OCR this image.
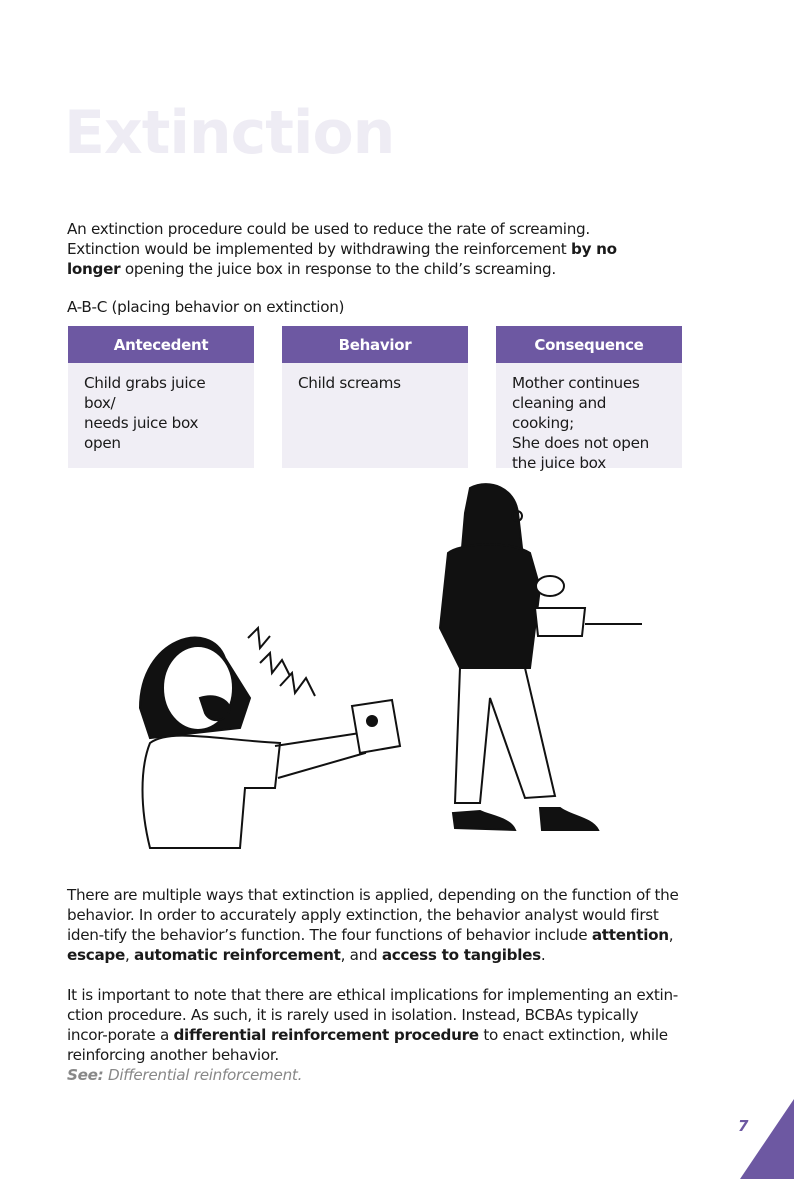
Extinction

An extinction procedure could be used to reduce the rate of screaming. Extinction would be implemented by withdrawing the reinforcement by no longer opening the juice box in response to the child’s screaming.

A-B-C (placing behavior on extinction)
Antecedent
Child grabs juice box/
needs juice box open
Behavior
Child screams
Consequence
Mother continues
cleaning and cooking;
She does not open
the juice box

There are multiple ways that extinction is applied, depending on the function of the behavior. In order to accurately apply extinction, the behavior analyst would first iden-tify the behavior’s function. The four functions of behavior include attention, escape, automatic reinforcement, and access to tangibles.

It is important to note that there are ethical implications for implementing an extin-ction procedure. As such, it is rarely used in isolation. Instead, BCBAs typically incor-porate a differential reinforcement procedure to enact extinction, while reinforcing another behavior.
See: Differential reinforcement.

7
